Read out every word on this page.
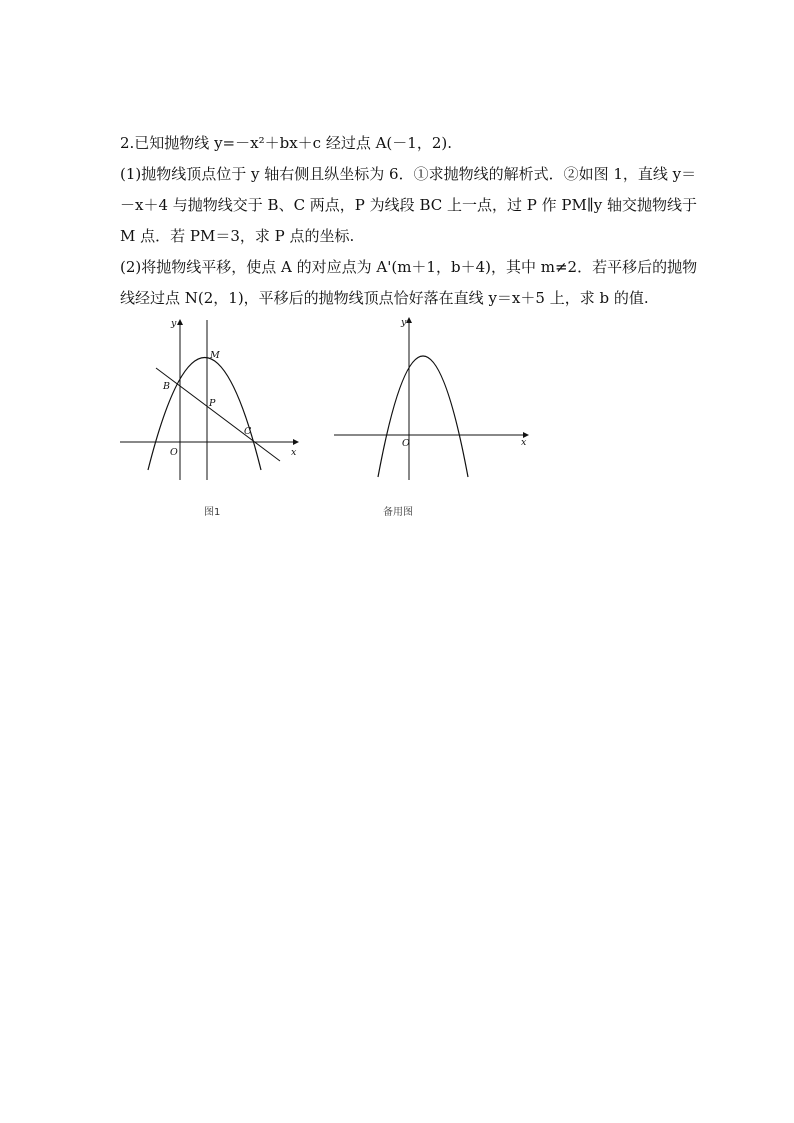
2.已知抛物线 y=－x²＋bx＋c 经过点 A(－1，2).

(1)抛物线顶点位于 y 轴右侧且纵坐标为 6．①求抛物线的解析式．②如图 1，直线 y＝－x＋4 与抛物线交于 B、C 两点，P 为线段 BC 上一点，过 P 作 PM∥y 轴交抛物线于 M 点．若 PM＝3，求 P 点的坐标.

(2)将抛物线平移，使点 A 的对应点为 A'(m＋1，b＋4)，其中 m≠2．若平移后的抛物线经过点 N(2，1)，平移后的抛物线顶点恰好落在直线 y＝x＋5 上，求 b 的值.

y
x
O
M
B
P
C
图1
y
x
O
备用图
